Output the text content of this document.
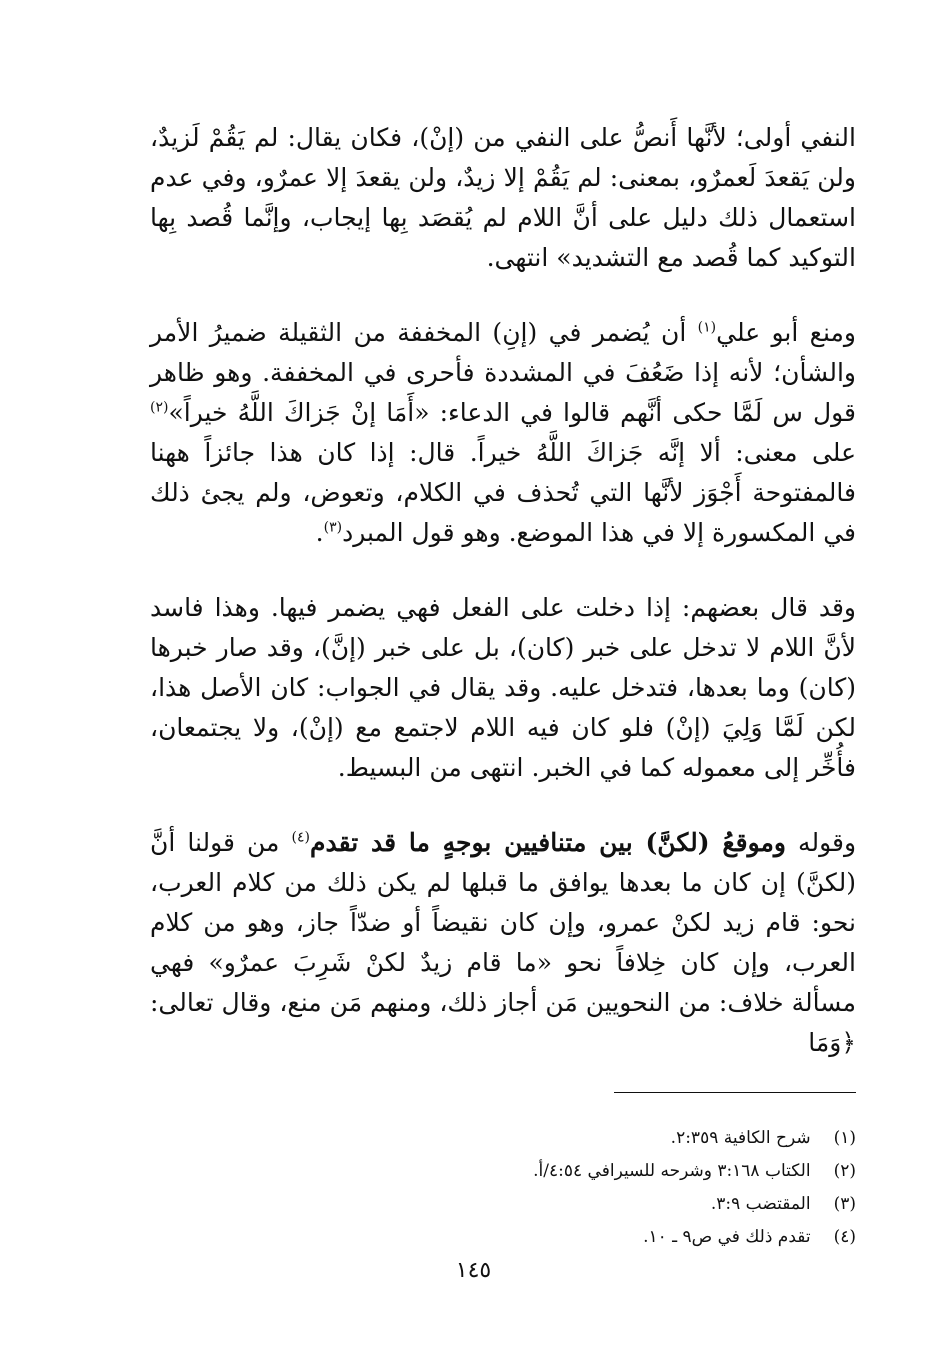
النفي أولى؛ لأنَّها أَنصُّ على النفي من (إنْ)، فكان يقال: لم يَقُمْ لَزيدٌ، ولن يَقعدَ لَعمرٌو، بمعنى: لم يَقُمْ إلا زيدٌ، ولن يقعدَ إلا عمرٌو، وفي عدم استعمال ذلك دليل على أنَّ اللام لم يُقصَد بِها إيجاب، وإنَّما قُصد بِها التوكيد كما قُصد مع التشديد» انتهى.

ومنع أبو علي$^{(١)}$ أن يُضمر في (إنِ) المخففة من الثقيلة ضميرُ الأمر والشأن؛ لأنه إذا ضَعُفَ في المشددة فأحرى في المخففة. وهو ظاهر قول س لَمَّا حكى أنَّهم قالوا في الدعاء: «أَمَا إنْ جَزاكَ اللَّهُ خيراً»$^{(٢)}$ على معنى: ألا إنَّه جَزاكَ اللَّهُ خيراً. قال: إذا كان هذا جائزاً ههنا فالمفتوحة أَجْوَز لأنَّها التي تُحذف في الكلام، وتعوض، ولم يجئ ذلك في المكسورة إلا في هذا الموضع. وهو قول المبرد$^{(٣)}$.

وقد قال بعضهم: إذا دخلت على الفعل فهي يضمر فيها. وهذا فاسد لأنَّ اللام لا تدخل على خبر (كان)، بل على خبر (إنَّ)، وقد صار خبرها (كان) وما بعدها، فتدخل عليه. وقد يقال في الجواب: كان الأصل هذا، لكن لَمَّا وَلِيَ (إنْ) فلو كان فيه اللام لاجتمع مع (إنْ)، ولا يجتمعان، فأُخِّر إلى معموله كما في الخبر. انتهى من البسيط.

وقوله وموقعُ (لكنَّ) بين متنافيين بوجهٍ ما قد تقدم$^{(٤)}$ من قولنا أنَّ (لكنَّ) إن كان ما بعدها يوافق ما قبلها لم يكن ذلك من كلام العرب، نحو: قام زيد لكنْ عمرو، وإن كان نقيضاً أو ضدّاً جاز، وهو من كلام العرب، وإن كان خِلافاً نحو «ما قام زيدٌ لكنْ شَرِبَ عمرٌو» فهي مسألة خلاف: من النحويين مَن أجاز ذلك، ومنهم مَن منع، وقال تعالى: ﴿وَمَا

(١) شرح الكافية ٢:٣٥٩.
(٢) الكتاب ٣:١٦٨ وشرحه للسيرافي ٤:٥٤/أ.
(٣) المقتضب ٣:٩.
(٤) تقدم ذلك في ص٩ ـ ١٠.
١٤٥
